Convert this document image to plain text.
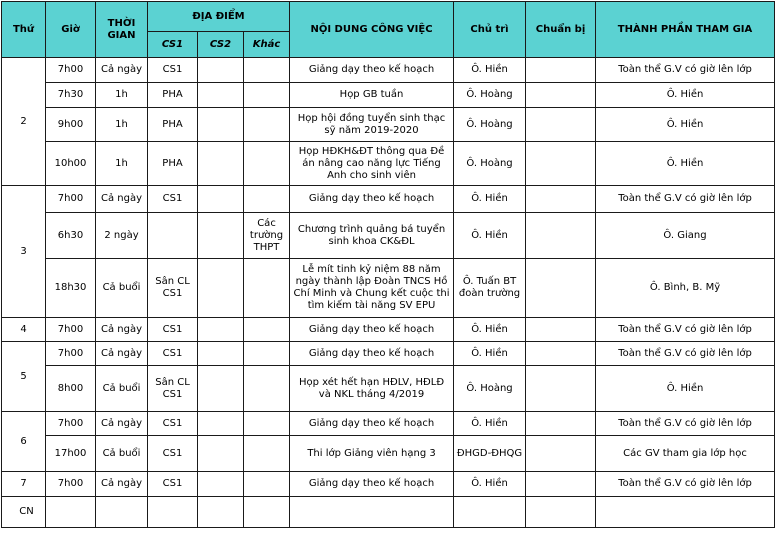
Thứ	Giờ	THỜI GIAN	ĐỊA ĐIỂM			NỘI DUNG CÔNG VIỆC	Chủ trì	Chuẩn bị	THÀNH PHẦN THAM GIA
			CS1	CS2	Khác				
2	7h00	Cả ngày	CS1			Giảng dạy theo kế hoạch	Ô. Hiền		Toàn thể G.V có giờ lên lớp
	7h30	1h	PHA			Họp GB tuần	Ô. Hoàng		Ô. Hiền
	9h00	1h	PHA			Họp hội đồng tuyển sinh thạc sỹ năm 2019-2020	Ô. Hoàng		Ô. Hiền
	10h00	1h	PHA			Họp HĐKH&ĐT thông qua Đề án nâng cao năng lực Tiếng Anh cho sinh viên	Ô. Hoàng		Ô. Hiền
3	7h00	Cả ngày	CS1			Giảng dạy theo kế hoạch	Ô. Hiền		Toàn thể G.V có giờ lên lớp
	6h30	2 ngày			Các trường THPT	Chương trình quảng bá tuyển sinh khoa CK&ĐL	Ô. Hiền		Ô. Giang
	18h30	Cả buổi	Sân CL CS1			Lễ mít tinh kỷ niệm 88 năm ngày thành lập Đoàn TNCS Hồ Chí Minh và Chung kết cuộc thi tìm kiếm tài năng SV EPU	Ô. Tuấn BT đoàn trường		Ô. Bình, B. Mỹ
4	7h00	Cả ngày	CS1			Giảng dạy theo kế hoạch	Ô. Hiền		Toàn thể G.V có giờ lên lớp
5	7h00	Cả ngày	CS1			Giảng dạy theo kế hoạch	Ô. Hiền		Toàn thể G.V có giờ lên lớp
	8h00	Cả buổi	Sân CL CS1			Họp xét hết hạn HĐLV, HĐLĐ và NKL tháng 4/2019	Ô. Hoàng		Ô. Hiền
6	7h00	Cả ngày	CS1			Giảng dạy theo kế hoạch	Ô. Hiền		Toàn thể G.V có giờ lên lớp
	17h00	Cả buổi	CS1			Thi lớp Giảng viên hạng 3	ĐHGD-ĐHQG		Các GV tham gia lớp học
7	7h00	Cả ngày	CS1			Giảng dạy theo kế hoạch	Ô. Hiền		Toàn thể G.V có giờ lên lớp
CN									
